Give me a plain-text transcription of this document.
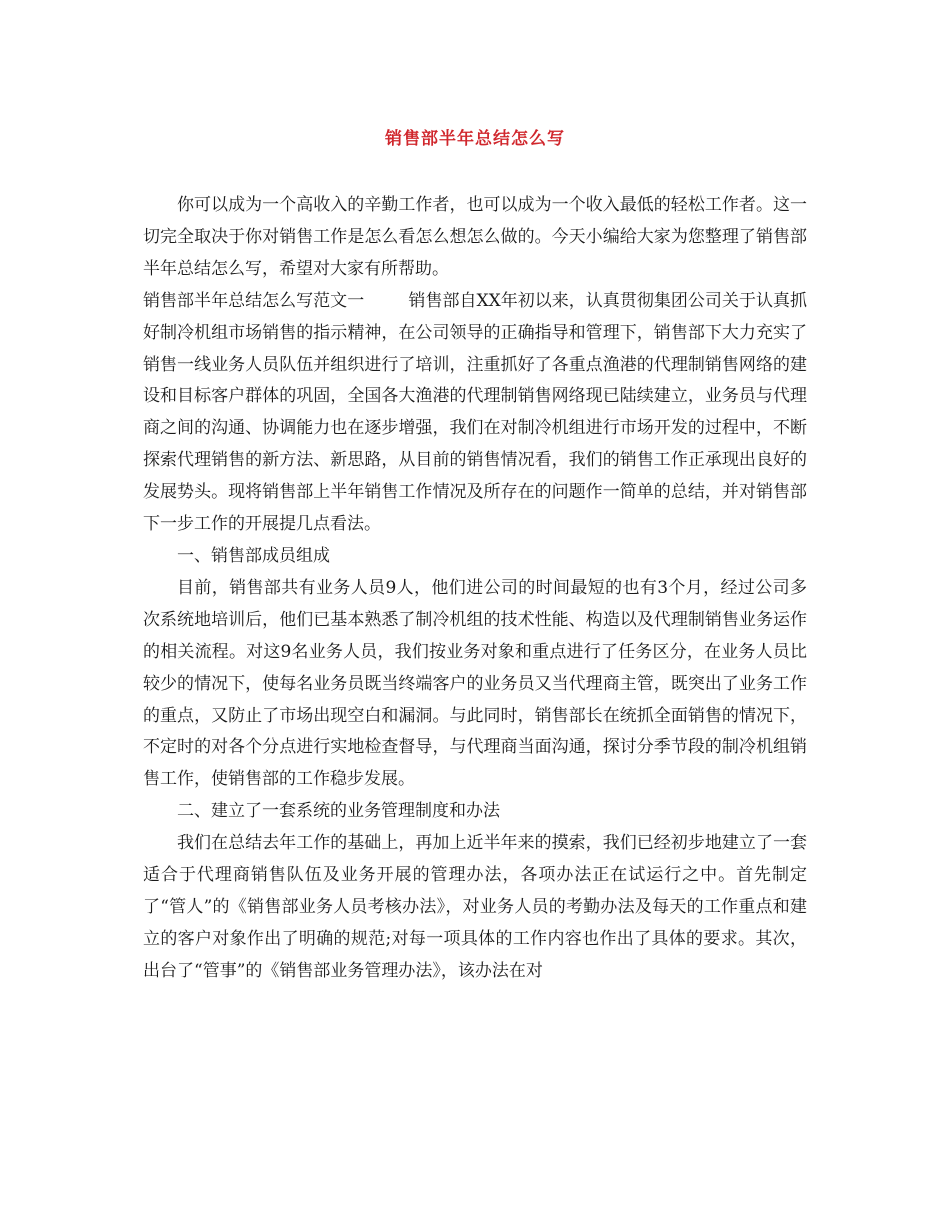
销售部半年总结怎么写

你可以成为一个高收入的辛勤工作者，也可以成为一个收入最低的轻松工作者。这一切完全取决于你对销售工作是怎么看怎么想怎么做的。今天小编给大家为您整理了销售部半年总结怎么写，希望对大家有所帮助。

销售部半年总结怎么写范文一	销售部自XX年初以来，认真贯彻集团公司关于认真抓好制冷机组市场销售的指示精神，在公司领导的正确指导和管理下，销售部下大力充实了销售一线业务人员队伍并组织进行了培训，注重抓好了各重点渔港的代理制销售网络的建设和目标客户群体的巩固，全国各大渔港的代理制销售网络现已陆续建立，业务员与代理商之间的沟通、协调能力也在逐步增强，我们在对制冷机组进行市场开发的过程中，不断探索代理销售的新方法、新思路，从目前的销售情况看，我们的销售工作正承现出良好的发展势头。现将销售部上半年销售工作情况及所存在的问题作一简单的总结，并对销售部下一步工作的开展提几点看法。

一、销售部成员组成

目前，销售部共有业务人员9人，他们进公司的时间最短的也有3个月，经过公司多次系统地培训后，他们已基本熟悉了制冷机组的技术性能、构造以及代理制销售业务运作的相关流程。对这9名业务人员，我们按业务对象和重点进行了任务区分，在业务人员比较少的情况下，使每名业务员既当终端客户的业务员又当代理商主管，既突出了业务工作的重点，又防止了市场出现空白和漏洞。与此同时，销售部长在统抓全面销售的情况下，不定时的对各个分点进行实地检查督导，与代理商当面沟通，探讨分季节段的制冷机组销售工作，使销售部的工作稳步发展。

二、建立了一套系统的业务管理制度和办法

我们在总结去年工作的基础上，再加上近半年来的摸索，我们已经初步地建立了一套适合于代理商销售队伍及业务开展的管理办法，各项办法正在试运行之中。首先制定了“管人”的《销售部业务人员考核办法》，对业务人员的考勤办法及每天的工作重点和建立的客户对象作出了明确的规范;对每一项具体的工作内容也作出了具体的要求。其次，出台了“管事”的《销售部业务管理办法》，该办法在对
